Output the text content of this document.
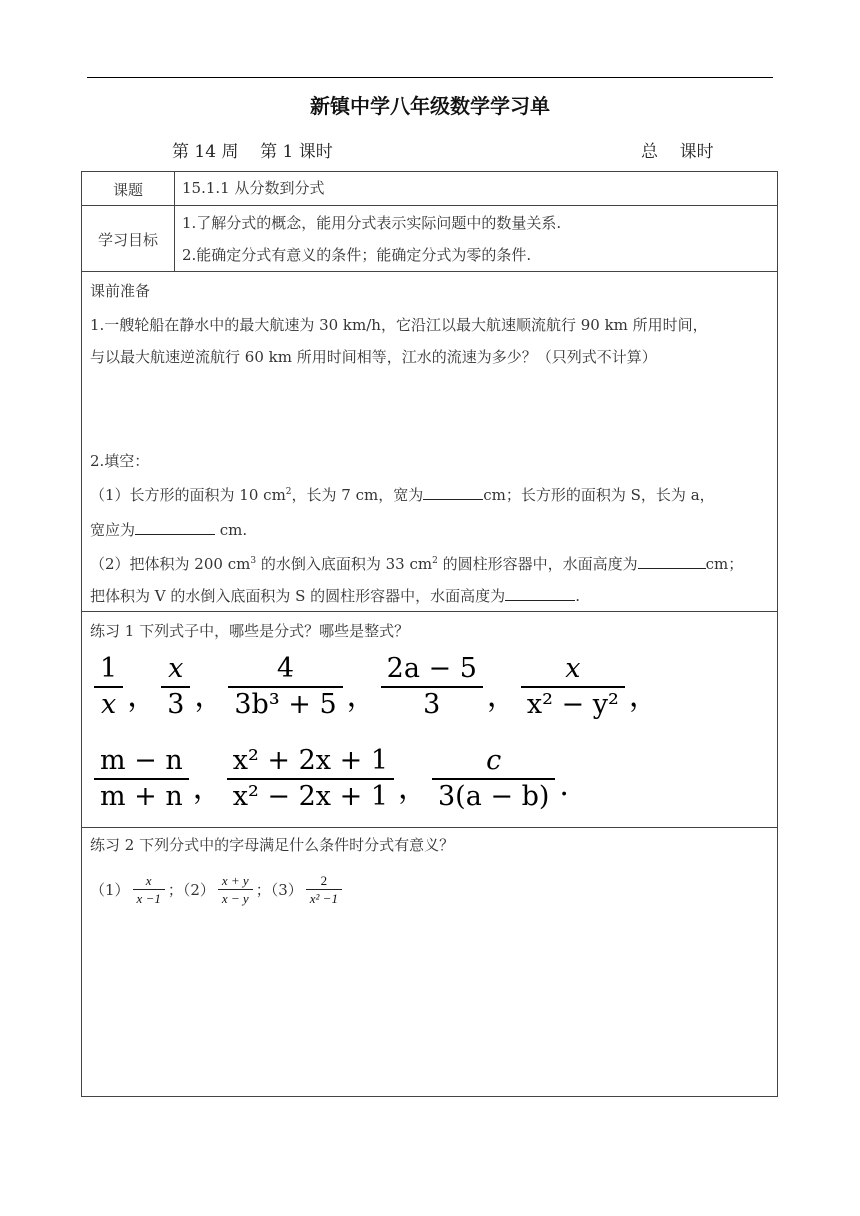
新镇中学八年级数学学习单
第 14 周 第 1 课时	总 课时
课题	15.1.1 从分数到分式
学习目标
1.了解分式的概念，能用分式表示实际问题中的数量关系.
2.能确定分式有意义的条件；能确定分式为零的条件.
课前准备
1.一艘轮船在静水中的最大航速为 30 km/h，它沿江以最大航速顺流航行 90 km 所用时间，
与以最大航速逆流航行 60 km 所用时间相等，江水的流速为多少？（只列式不计算）
2.填空：
（1）长方形的面积为 10 $cm^2$，长为 7 cm，宽为	cm；长方形的面积为 S，长为 a，
宽应为	cm.
（2）把体积为 200 $cm^3$ 的水倒入底面积为 33 $cm^2$ 的圆柱形容器中，水面高度为	cm；
把体积为 V 的水倒入底面积为 S 的圆柱形容器中，水面高度为	.
练习 1 下列式子中，哪些是分式？哪些是整式？
$\frac{1}{x}$ ， $\frac{x}{3}$ ， $\frac{4}{\text{3b³ + 5}}$ ， $\frac{2a - 5}{3}$ ， $\frac{x}{\text{x² − y²}}$ ，
$\frac{m - n}{m + n}$ ， $\frac{\text{x² + 2x + 1}}{\text{x² − 2x + 1}}$ ， $\frac{c}{3(a - b)}$ .
练习 2 下列分式中的字母满足什么条件时分式有意义？
$(1) \frac{x}{x -1}$ ；$(2) \frac{x + y}{x - y}$ ；$(3) \frac{2}{\text{x² −1}}$
